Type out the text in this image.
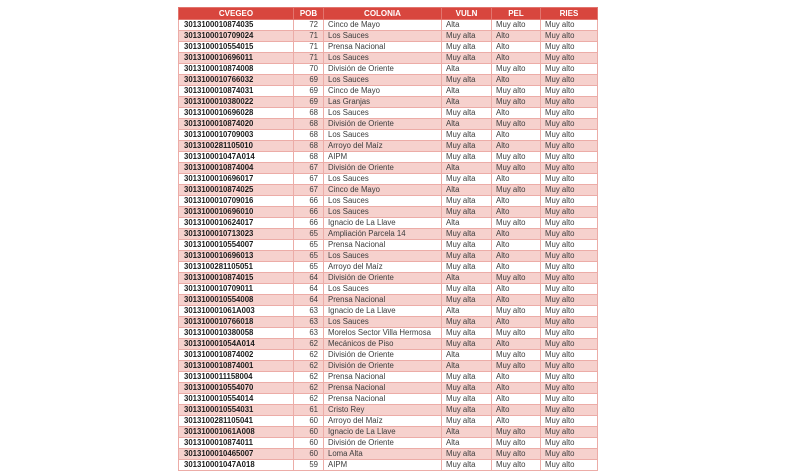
CVEGEO	POB	COLONIA	VULN	PEL	RIES
3013100010874035	72	Cinco de Mayo	Alta	Muy alto	Muy alto
3013100010709024	71	Los Sauces	Muy alta	Alto	Muy alto
3013100010554015	71	Prensa Nacional	Muy alta	Alto	Muy alto
3013100010696011	71	Los Sauces	Muy alta	Alto	Muy alto
3013100010874008	70	División de Oriente	Alta	Muy alto	Muy alto
3013100010766032	69	Los Sauces	Muy alta	Alto	Muy alto
3013100010874031	69	Cinco de Mayo	Alta	Muy alto	Muy alto
3013100010380022	69	Las Granjas	Alta	Muy alto	Muy alto
3013100010696028	68	Los Sauces	Muy alta	Alto	Muy alto
3013100010874020	68	División de Oriente	Alta	Muy alto	Muy alto
3013100010709003	68	Los Sauces	Muy alta	Alto	Muy alto
3013100281105010	68	Arroyo del Maíz	Muy alta	Alto	Muy alto
301310001047A014	68	AIPM	Muy alta	Muy alto	Muy alto
3013100010874004	67	División de Oriente	Alta	Muy alto	Muy alto
3013100010696017	67	Los Sauces	Muy alta	Alto	Muy alto
3013100010874025	67	Cinco de Mayo	Alta	Muy alto	Muy alto
3013100010709016	66	Los Sauces	Muy alta	Alto	Muy alto
3013100010696010	66	Los Sauces	Muy alta	Alto	Muy alto
3013100010624017	66	Ignacio de La Llave	Alta	Muy alto	Muy alto
3013100010713023	65	Ampliación Parcela 14	Muy alta	Alto	Muy alto
3013100010554007	65	Prensa Nacional	Muy alta	Alto	Muy alto
3013100010696013	65	Los Sauces	Muy alta	Alto	Muy alto
3013100281105051	65	Arroyo del Maíz	Muy alta	Alto	Muy alto
3013100010874015	64	División de Oriente	Alta	Muy alto	Muy alto
3013100010709011	64	Los Sauces	Muy alta	Alto	Muy alto
3013100010554008	64	Prensa Nacional	Muy alta	Alto	Muy alto
301310001061A003	63	Ignacio de La Llave	Alta	Muy alto	Muy alto
3013100010766018	63	Los Sauces	Muy alta	Alto	Muy alto
3013100010380058	63	Morelos Sector Villa Hermosa	Muy alta	Muy alto	Muy alto
301310001054A014	62	Mecánicos de Piso	Muy alta	Alto	Muy alto
3013100010874002	62	División de Oriente	Alta	Muy alto	Muy alto
3013100010874001	62	División de Oriente	Alta	Muy alto	Muy alto
3013100011158004	62	Prensa Nacional	Muy alta	Alto	Muy alto
3013100010554070	62	Prensa Nacional	Muy alta	Alto	Muy alto
3013100010554014	62	Prensa Nacional	Muy alta	Alto	Muy alto
3013100010554031	61	Cristo Rey	Muy alta	Alto	Muy alto
3013100281105041	60	Arroyo del Maíz	Muy alta	Alto	Muy alto
301310001061A008	60	Ignacio de La Llave	Alta	Muy alto	Muy alto
3013100010874011	60	División de Oriente	Alta	Muy alto	Muy alto
3013100010465007	60	Loma Alta	Muy alta	Muy alto	Muy alto
301310001047A018	59	AIPM	Muy alta	Muy alto	Muy alto
